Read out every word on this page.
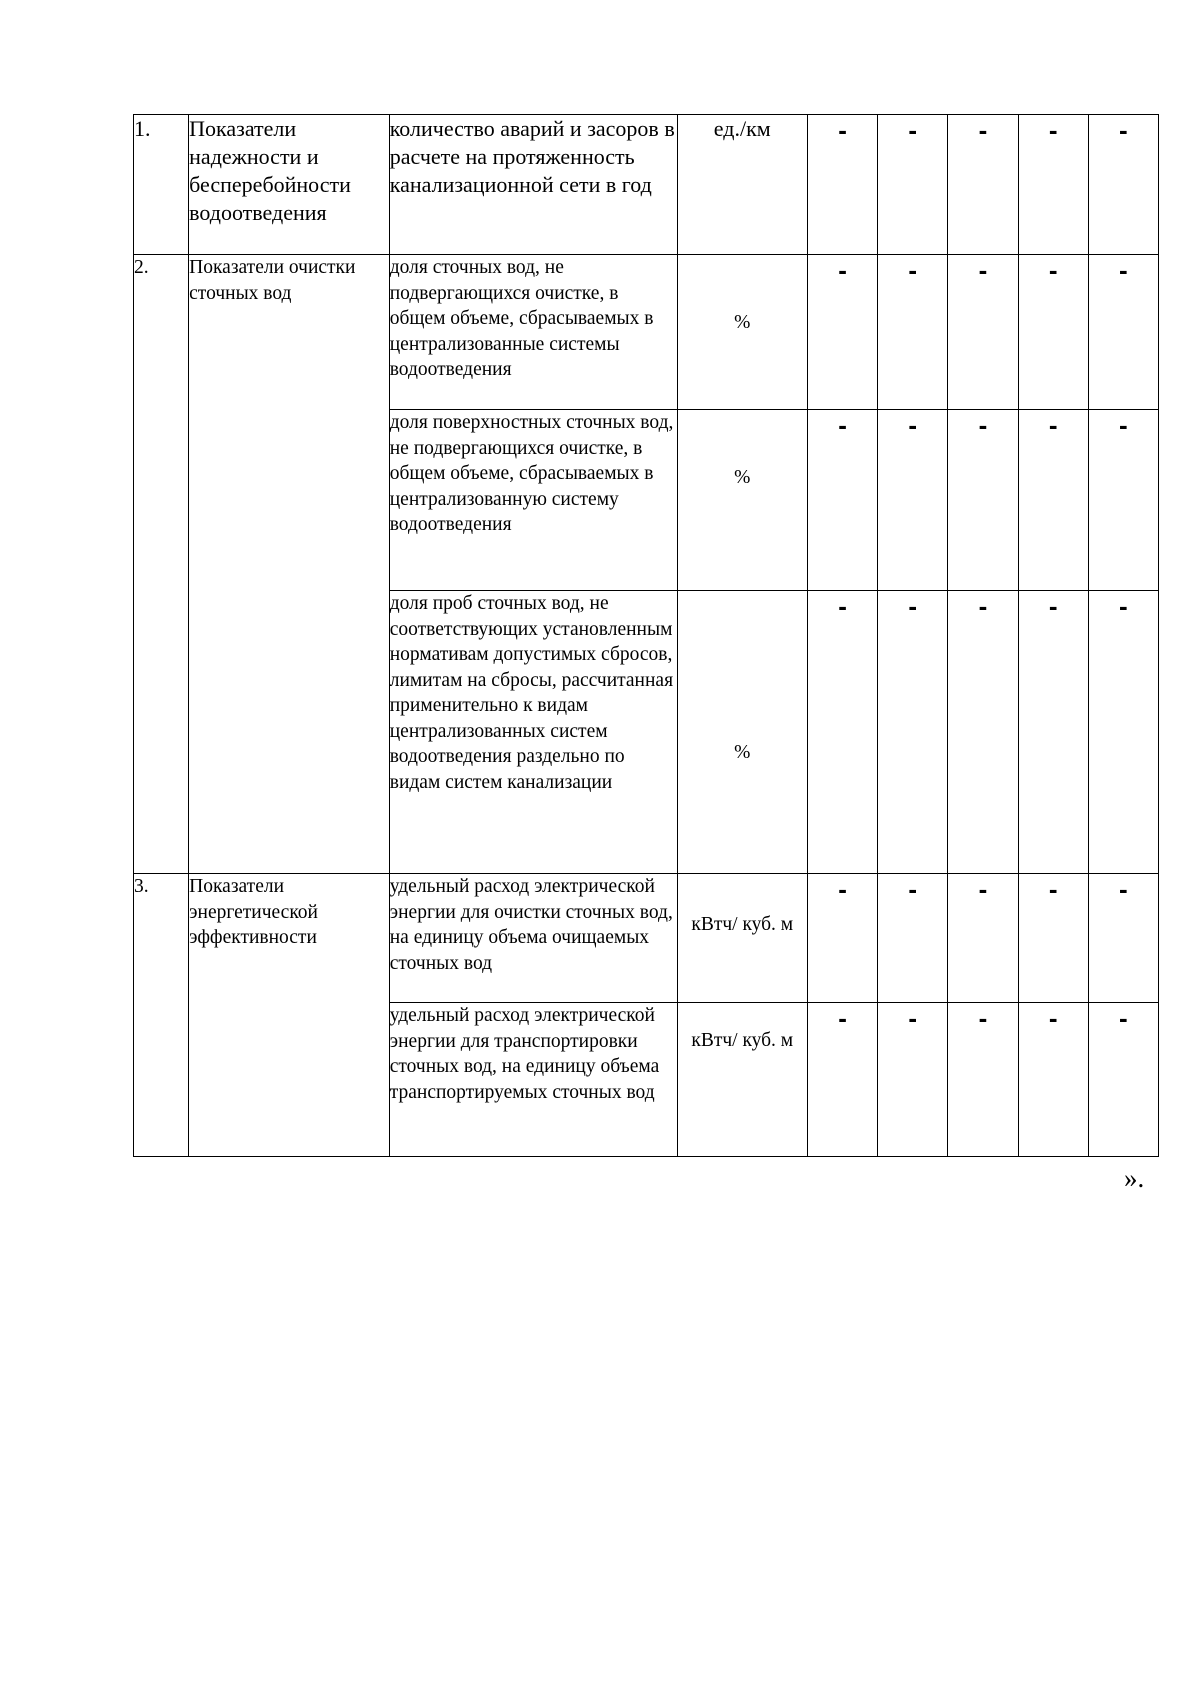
1.	Показатели надежности и бесперебойности водоотведения	количество аварий и засоров в расчете на протяженность канализационной сети в год	ед./км	-	-	-	-	-
2.	Показатели очистки сточных вод	доля сточных вод, не подвергающихся очистке, в общем объеме, сбрасываемых в централизованные системы водоотведения	%	-	-	-	-	-
		доля поверхностных сточных вод, не подвергающихся очистке, в общем объеме, сбрасываемых в централизованную систему водоотведения	%	-	-	-	-	-
		доля проб сточных вод, не соответствующих установленным нормативам допустимых сбросов, лимитам на сбросы, рассчитанная применительно к видам централизованных систем водоотведения раздельно по видам систем канализации	%	-	-	-	-	-
3.	Показатели энергетической эффективности	удельный расход электрической энергии для очистки сточных вод, на единицу объема очищаемых сточных вод	кВтч/ куб. м	-	-	-	-	-
		удельный расход электрической энергии для транспортировки сточных вод, на единицу объема транспортируемых сточных вод	кВтч/ куб. м	-	-	-	-	-
».
